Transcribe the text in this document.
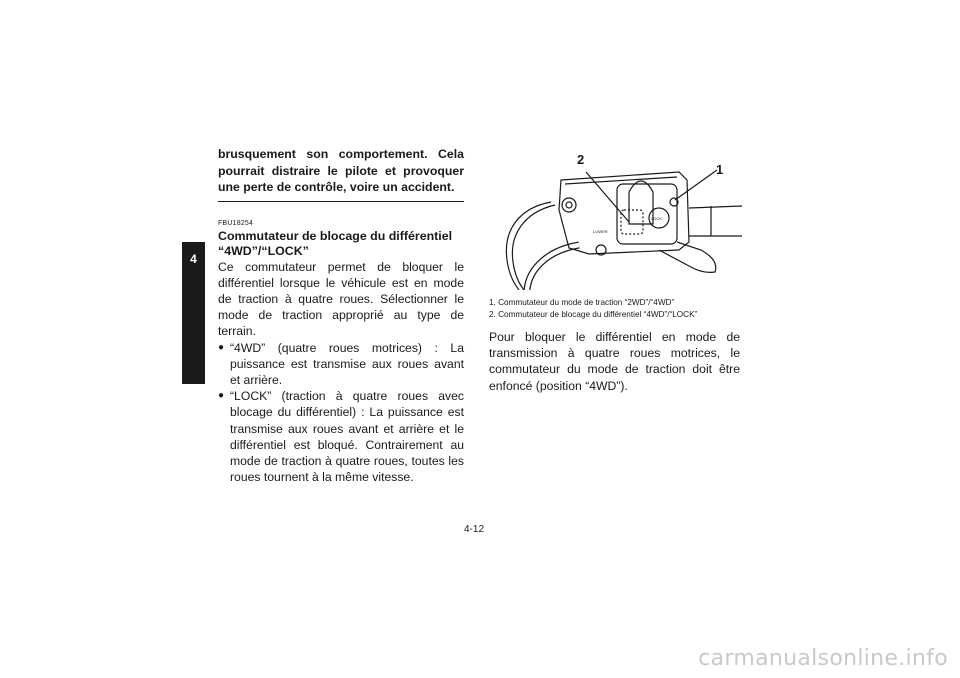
4
brusquement son comportement. Cela pourrait distraire le pilote et provoquer une perte de contrôle, voire un accident.
FBU18254
Commutateur de blocage du différentiel
“4WD”/“LOCK”
Ce commutateur permet de bloquer le différentiel lorsque le véhicule est en mode de traction à quatre roues. Sélectionner le mode de traction approprié au type de terrain.
● “4WD” (quatre roues motrices) : La puissance est transmise aux roues avant et arrière.
● “LOCK” (traction à quatre roues avec blocage du différentiel) : La puissance est transmise aux roues avant et arrière et le différentiel est bloqué. Contrairement au mode de traction à quatre roues, toutes les roues tournent à la même vitesse.
LOWER
LOCK
2
1
1. Commutateur du mode de traction “2WD”/“4WD”
2. Commutateur de blocage du différentiel “4WD”/“LOCK”
Pour bloquer le différentiel en mode de transmission à quatre roues motrices, le commutateur du mode de traction doit être enfoncé (position “4WD”).
4-12
carmanualsonline.info
